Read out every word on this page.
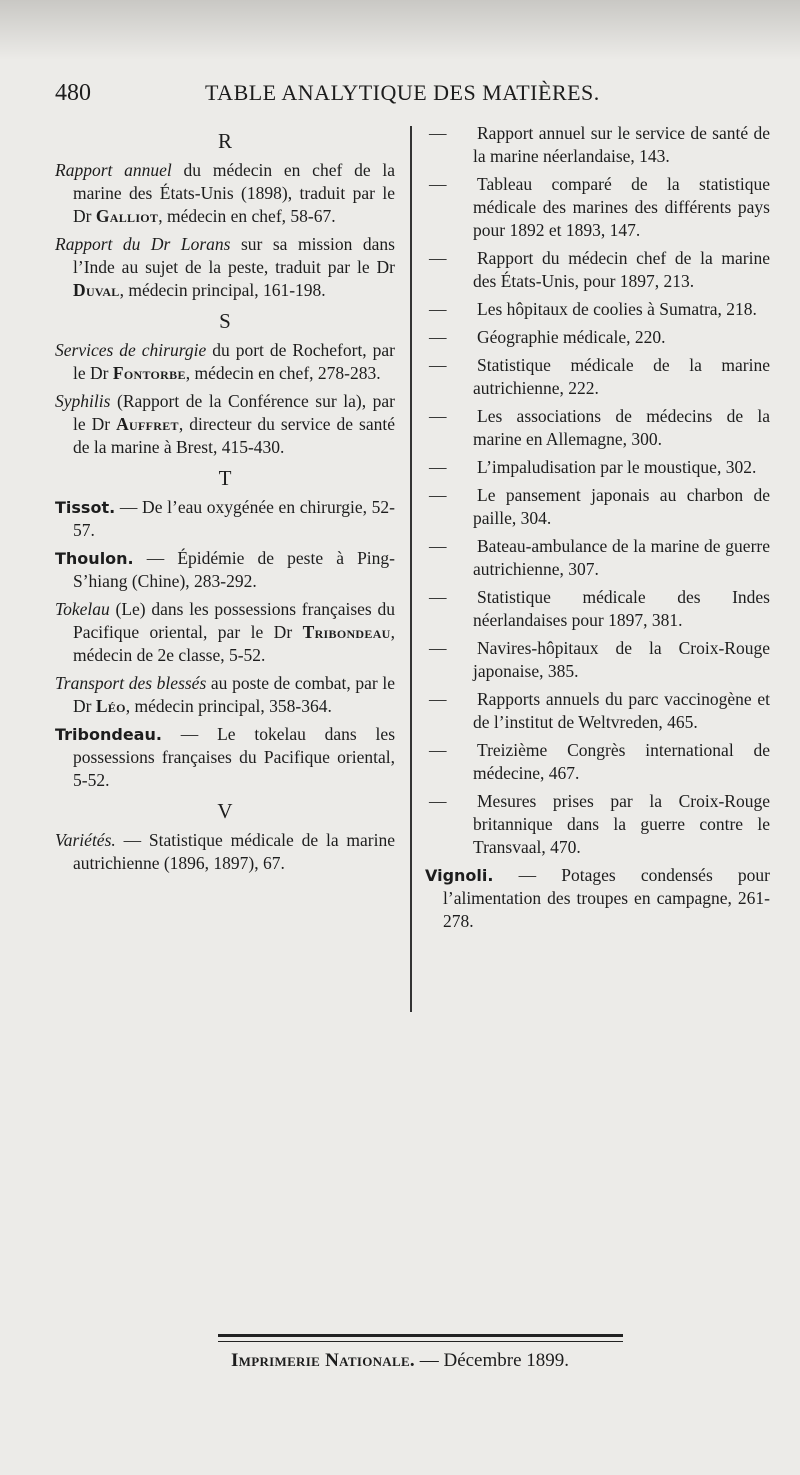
480	TABLE ANALYTIQUE DES MATIÈRES.
R
Rapport annuel du médecin en chef de la marine des États-Unis (1898), traduit par le Dr Galliot, médecin en chef, 58-67.
Rapport du Dr Lorans sur sa mission dans l’Inde au sujet de la peste, traduit par le Dr Duval, médecin principal, 161-198.
S
Services de chirurgie du port de Rochefort, par le Dr Fontorbe, médecin en chef, 278-283.
Syphilis (Rapport de la Conférence sur la), par le Dr Auffret, directeur du service de santé de la marine à Brest, 415-430.
T
Tissot. — De l’eau oxygénée en chirurgie, 52-57.
Thoulon. — Épidémie de peste à Ping-S’hiang (Chine), 283-292.
Tokelau (Le) dans les possessions françaises du Pacifique oriental, par le Dr Tribondeau, médecin de 2e classe, 5-52.
Transport des blessés au poste de combat, par le Dr Léo, médecin principal, 358-364.
Tribondeau. — Le tokelau dans les possessions françaises du Pacifique oriental, 5-52.
V
Variétés. — Statistique médicale de la marine autrichienne (1896, 1897), 67.
— Rapport annuel sur le service de santé de la marine néerlandaise, 143.
— Tableau comparé de la statistique médicale des marines des différents pays pour 1892 et 1893, 147.
— Rapport du médecin chef de la marine des États-Unis, pour 1897, 213.
— Les hôpitaux de coolies à Sumatra, 218.
— Géographie médicale, 220.
— Statistique médicale de la marine autrichienne, 222.
— Les associations de médecins de la marine en Allemagne, 300.
— L’impaludisation par le moustique, 302.
— Le pansement japonais au charbon de paille, 304.
— Bateau-ambulance de la marine de guerre autrichienne, 307.
— Statistique médicale des Indes néerlandaises pour 1897, 381.
— Navires-hôpitaux de la Croix-Rouge japonaise, 385.
— Rapports annuels du parc vaccinogène et de l’institut de Weltvreden, 465.
— Treizième Congrès international de médecine, 467.
— Mesures prises par la Croix-Rouge britannique dans la guerre contre le Transvaal, 470.
Vignoli. — Potages condensés pour l’alimentation des troupes en campagne, 261-278.
Imprimerie Nationale. — Décembre 1899.
